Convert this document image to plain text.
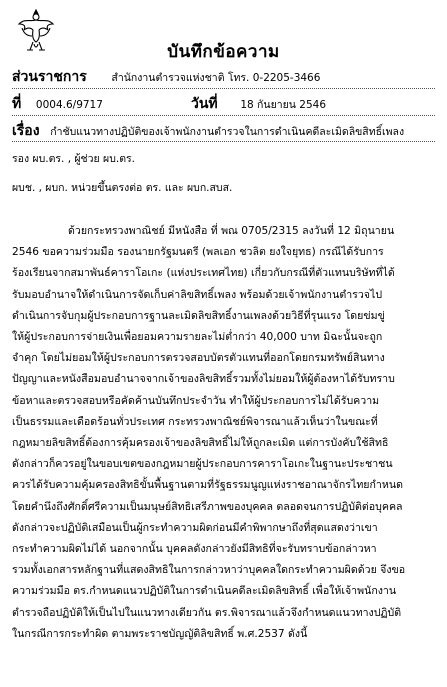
บันทึกข้อความ
ส่วนราชการ สำนักงานตำรวจแห่งชาติ โทร. 0-2205-3466
ที่ 0004.6/9717	วันที่ 18 กันยายน 2546
เรื่อง กำชับแนวทางปฏิบัติของเจ้าพนักงานตำรวจในการดำเนินคดีละเมิดลิขสิทธิ์เพลง
รอง ผบ.ตร. , ผู้ช่วย ผบ.ตร.
ผบช. , ผบก. หน่วยขึ้นตรงต่อ ตร. และ ผบก.สบส.
ด้วยกระทรวงพาณิชย์ มีหนังสือ ที่ พณ 0705/2315 ลงวันที่ 12 มิถุนายน
2546 ขอความร่วมมือ รองนายกรัฐมนตรี (พลเอก ชวลิต ยงใจยุทธ) กรณีได้รับการ
ร้องเรียนจากสมาพันธ์คาราโอเกะ (แห่งประเทศไทย) เกี่ยวกับกรณีที่ตัวแทนบริษัทที่ได้
รับมอบอำนาจให้ดำเนินการจัดเก็บค่าลิขสิทธิ์เพลง พร้อมด้วยเจ้าพนักงานตำรวจไป
ดำเนินการจับกุมผู้ประกอบการฐานละเมิดลิขสิทธิ์งานเพลงด้วยวิธีที่รุนแรง โดยข่มขู่
ให้ผู้ประกอบการจ่ายเงินเพื่อยอมความรายละไม่ต่ำกว่า 40,000 บาท มิฉะนั้นจะถูก
จำคุก โดยไม่ยอมให้ผู้ประกอบการตรวจสอบบัตรตัวแทนที่ออกโดยกรมทรัพย์สินทาง
ปัญญาและหนังสือมอบอำนาจจากเจ้าของลิขสิทธิ์รวมทั้งไม่ยอมให้ผู้ต้องหาได้รับทราบ
ข้อหาและตรวจสอบหรือคัดค้านบันทึกประจำวัน ทำให้ผู้ประกอบการไม่ได้รับความ
เป็นธรรมและเดือดร้อนทั่วประเทศ กระทรวงพาณิชย์พิจารณาแล้วเห็นว่าในขณะที่
กฎหมายลิขสิทธิ์ต้องการคุ้มครองเจ้าของลิขสิทธิ์ไม่ให้ถูกละเมิด แต่การบังคับใช้สิทธิ
ดังกล่าวก็ควรอยู่ในขอบเขตของกฎหมายผู้ประกอบการคาราโอเกะในฐานะประชาชน
ควรได้รับความคุ้มครองสิทธิขั้นพื้นฐานตามที่รัฐธรรมนูญแห่งราชอาณาจักรไทยกำหนด
โดยคำนึงถึงศักดิ์ศรีความเป็นมนุษย์สิทธิเสรีภาพของบุคคล ตลอดจนการปฏิบัติต่อบุคคล
ดังกล่าวจะปฏิบัติเสมือนเป็นผู้กระทำความผิดก่อนมีคำพิพากษาถึงที่สุดแสดงว่าเขา
กระทำความผิดไม่ได้ นอกจากนั้น บุคคลดังกล่าวยังมีสิทธิที่จะรับทราบข้อกล่าวหา
รวมทั้งเอกสารหลักฐานที่แสดงสิทธิในการกล่าวหาว่าบุคคลใดกระทำความผิดด้วย จึงขอ
ความร่วมมือ ตร.กำหนดแนวปฏิบัติในการดำเนินคดีละเมิดลิขสิทธิ์ เพื่อให้เจ้าพนักงาน
ตำรวจถือปฏิบัติให้เป็นไปในแนวทางเดียวกัน ตร.พิจารณาแล้วจึงกำหนดแนวทางปฏิบัติ
ในกรณีการกระทำผิด ตามพระราชบัญญัติลิขสิทธิ์ พ.ศ.2537 ดังนี้
